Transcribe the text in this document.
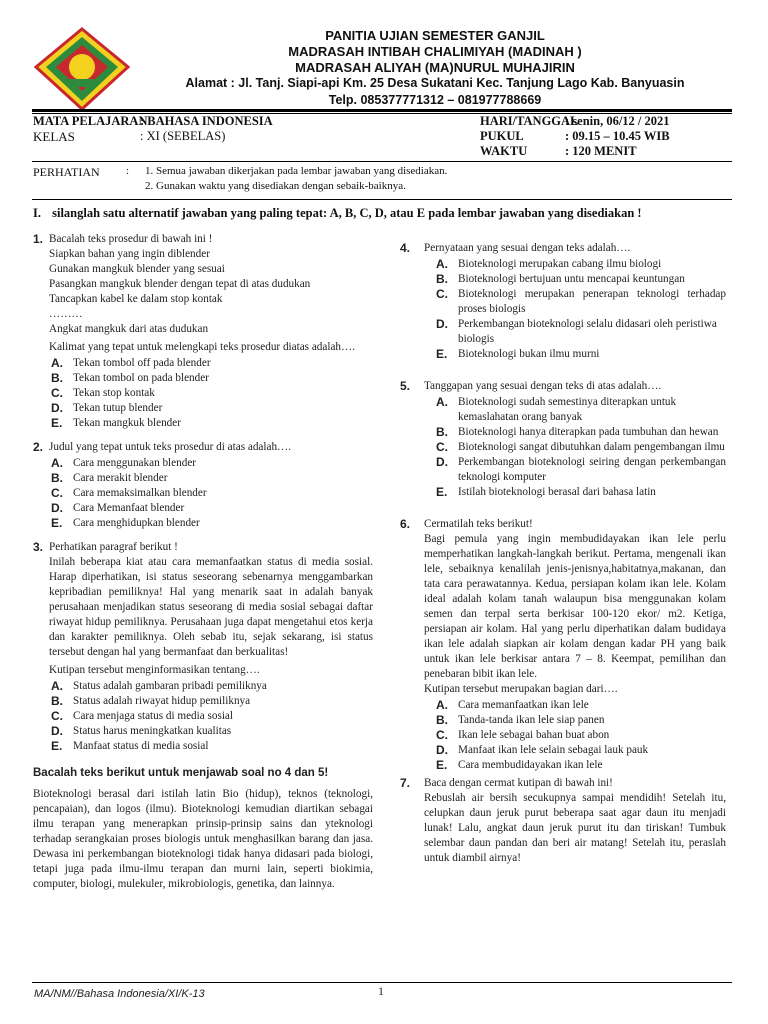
PANITIA UJIAN SEMESTER GANJIL
MADRASAH INTIBAH CHALIMIYAH (MADINAH )
MADRASAH ALIYAH (MA)NURUL MUHAJIRIN
Alamat : Jl. Tanj. Siapi-api Km. 25 Desa Sukatani Kec. Tanjung Lago Kab. Banyuasin
Telp. 085377771312 – 081977788669
MATA PELAJARAN
: BAHASA INDONESIA
KELAS	: XI (SEBELAS)
HARI/TANGGAL
: senin, 06/12 / 2021
PUKUL	: 09.15 – 10.45 WIB
WAKTU	: 120 MENIT
PERHATIAN : 1. Semua jawaban dikerjakan pada lembar jawaban yang disediakan.
2. Gunakan waktu yang disediakan dengan sebaik-baiknya.
I. silanglah satu alternatif jawaban yang paling tepat: A, B, C, D, atau E pada lembar jawaban yang disediakan !
1. Bacalah teks prosedur di bawah ini !
Siapkan bahan yang ingin diblender
Gunakan mangkuk blender yang sesuai
Pasangkan mangkuk blender dengan tepat di atas dudukan
Tancapkan kabel ke dalam stop kontak
………
Angkat mangkuk dari atas dudukan
Kalimat yang tepat untuk melengkapi teks prosedur diatas adalah….
A. Tekan tombol off pada blender
B. Tekan tombol on pada blender
C. Tekan stop kontak
D. Tekan tutup blender
E. Tekan mangkuk blender
2. Judul yang tepat untuk teks prosedur di atas adalah….
A. Cara menggunakan blender
B. Cara merakit blender
C. Cara memaksimalkan blender
D. Cara Memanfaat blender
E. Cara menghidupkan blender
3. Perhatikan paragraf berikut !
Inilah beberapa kiat atau cara memanfaatkan status di media sosial. Harap diperhatikan, isi status seseorang sebenarnya menggambarkan kepribadian pemiliknya! Hal yang menarik saat in adalah banyak perusahaan menjadikan status seseorang di media sosial sebagai daftar riwayat hidup pemiliknya. Perusahaan juga dapat mengetahui etos kerja dan karakter pemiliknya. Oleh sebab itu, sejak sekarang, isi status tersebut dengan hal yang bermanfaat dan berkualitas!
Kutipan tersebut menginformasikan tentang….
A. Status adalah gambaran pribadi pemiliknya
B. Status adalah riwayat hidup pemiliknya
C. Cara menjaga status di media sosial
D. Status harus meningkatkan kualitas
E. Manfaat status di media sosial
Bacalah teks berikut untuk menjawab soal no 4 dan 5!
Bioteknologi berasal dari istilah latin Bio (hidup), teknos (teknologi, pencapaian), dan logos (ilmu). Bioteknologi kemudian diartikan sebagai ilmu terapan yang menerapkan prinsip-prinsip sains dan yteknologi terhadap serangkaian proses biologis untuk menghasilkan barang dan jasa. Dewasa ini perkembangan bioteknologi tidak hanya didasari pada biologi, tetapi juga pada ilmu-ilmu terapan dan murni lain, seperti biokimia, computer, biologi, mulekuler, mikrobiologis, genetika, dan lainnya.
4. Pernyataan yang sesuai dengan teks adalah….
A. Bioteknologi merupakan cabang ilmu biologi
B. Bioteknologi bertujuan untu mencapai keuntungan
C. Bioteknologi merupakan penerapan teknologi terhadap proses biologis
D. Perkembangan bioteknologi selalu didasari oleh peristiwa biologis
E. Bioteknologi bukan ilmu murni
5. Tanggapan yang sesuai dengan teks di atas adalah….
A. Bioteknologi sudah semestinya diterapkan untuk kemaslahatan orang banyak
B. Bioteknologi hanya diterapkan pada tumbuhan dan hewan
C. Bioteknologi sangat dibutuhkan dalam pengembangan ilmu
D. Perkembangan bioteknologi seiring dengan perkembangan teknologi komputer
E. Istilah bioteknologi berasal dari bahasa latin
6. Cermatilah teks berikut!
Bagi pemula yang ingin membudidayakan ikan lele perlu memperhatikan langkah-langkah berikut. Pertama, mengenali ikan lele, sebaiknya kenalilah jenis-jenisnya,habitatnya,makanan, dan tata cara perawatannya. Kedua, persiapan kolam ikan lele. Kolam ideal adalah kolam tanah walaupun bisa menggunakan kolam semen dan terpal serta berkisar 100-120 ekor/ m2. Ketiga, persiapan air kolam. Hal yang perlu diperhatikan dalam budidaya ikan lele adalah siapkan air kolam dengan kadar PH yang baik untuk ikan lele berkisar antara 7 – 8. Keempat, pemilihan dan penebaran bibit ikan lele.
Kutipan tersebut merupakan bagian dari….
A. Cara memanfaatkan ikan lele
B. Tanda-tanda ikan lele siap panen
C. Ikan lele sebagai bahan buat abon
D. Manfaat ikan lele selain sebagai lauk pauk
E. Cara membudidayakan ikan lele
7. Baca dengan cermat kutipan di bawah ini!
Rebuslah air bersih secukupnya sampai mendidih! Setelah itu, celupkan daun jeruk purut beberapa saat agar daun itu menjadi lunak! Lalu, angkat daun jeruk purut itu dan tiriskan! Tumbuk selembar daun pandan dan beri air matang! Setelah itu, peraslah untuk diambil airnya!
MA/NM//Bahasa Indonesia/XI/K-13	1
